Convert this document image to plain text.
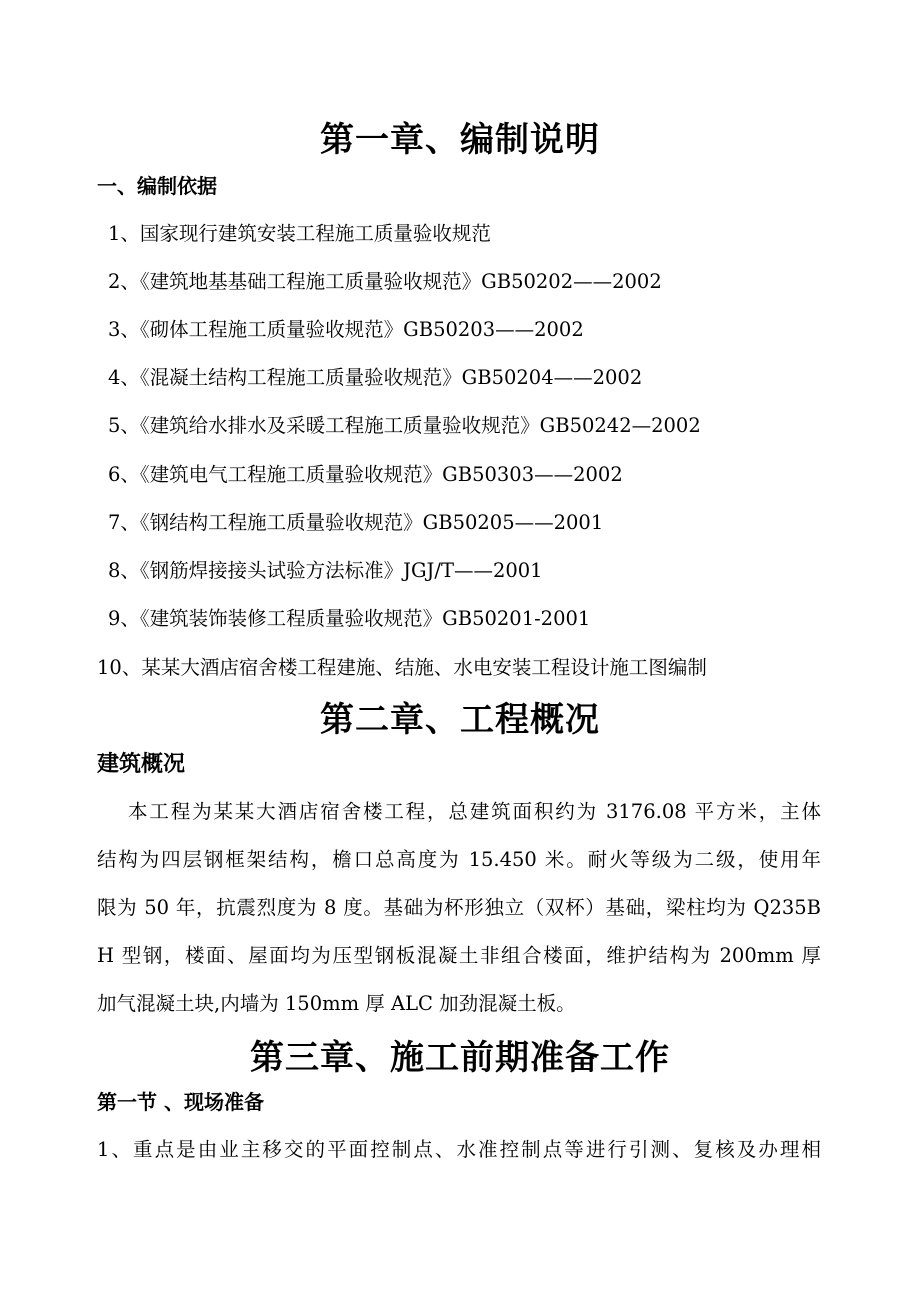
第一章、编制说明
一、编制依据
1、国家现行建筑安装工程施工质量验收规范
2、《建筑地基基础工程施工质量验收规范》GB50202——2002
3、《砌体工程施工质量验收规范》GB50203——2002
4、《混凝土结构工程施工质量验收规范》GB50204——2002
5、《建筑给水排水及采暖工程施工质量验收规范》GB50242—2002
6、《建筑电气工程施工质量验收规范》GB50303——2002
7、《钢结构工程施工质量验收规范》GB50205——2001
8、《钢筋焊接接头试验方法标准》JGJ/T——2001
9、《建筑装饰装修工程质量验收规范》GB50201-2001
10、某某大酒店宿舍楼工程建施、结施、水电安装工程设计施工图编制
第二章、工程概况
建筑概况
本工程为某某大酒店宿舍楼工程，总建筑面积约为 3176.08 平方米，主体
结构为四层钢框架结构，檐口总高度为 15.450 米。耐火等级为二级，使用年
限为 50 年，抗震烈度为 8 度。基础为杯形独立（双杯）基础，梁柱均为 Q235B
H 型钢，楼面、屋面均为压型钢板混凝土非组合楼面，维护结构为 200mm 厚
加气混凝土块,内墙为 150mm 厚 ALC 加劲混凝土板。
第三章、施工前期准备工作
第一节 、现场准备
1、重点是由业主移交的平面控制点、水准控制点等进行引测、复核及办理相
